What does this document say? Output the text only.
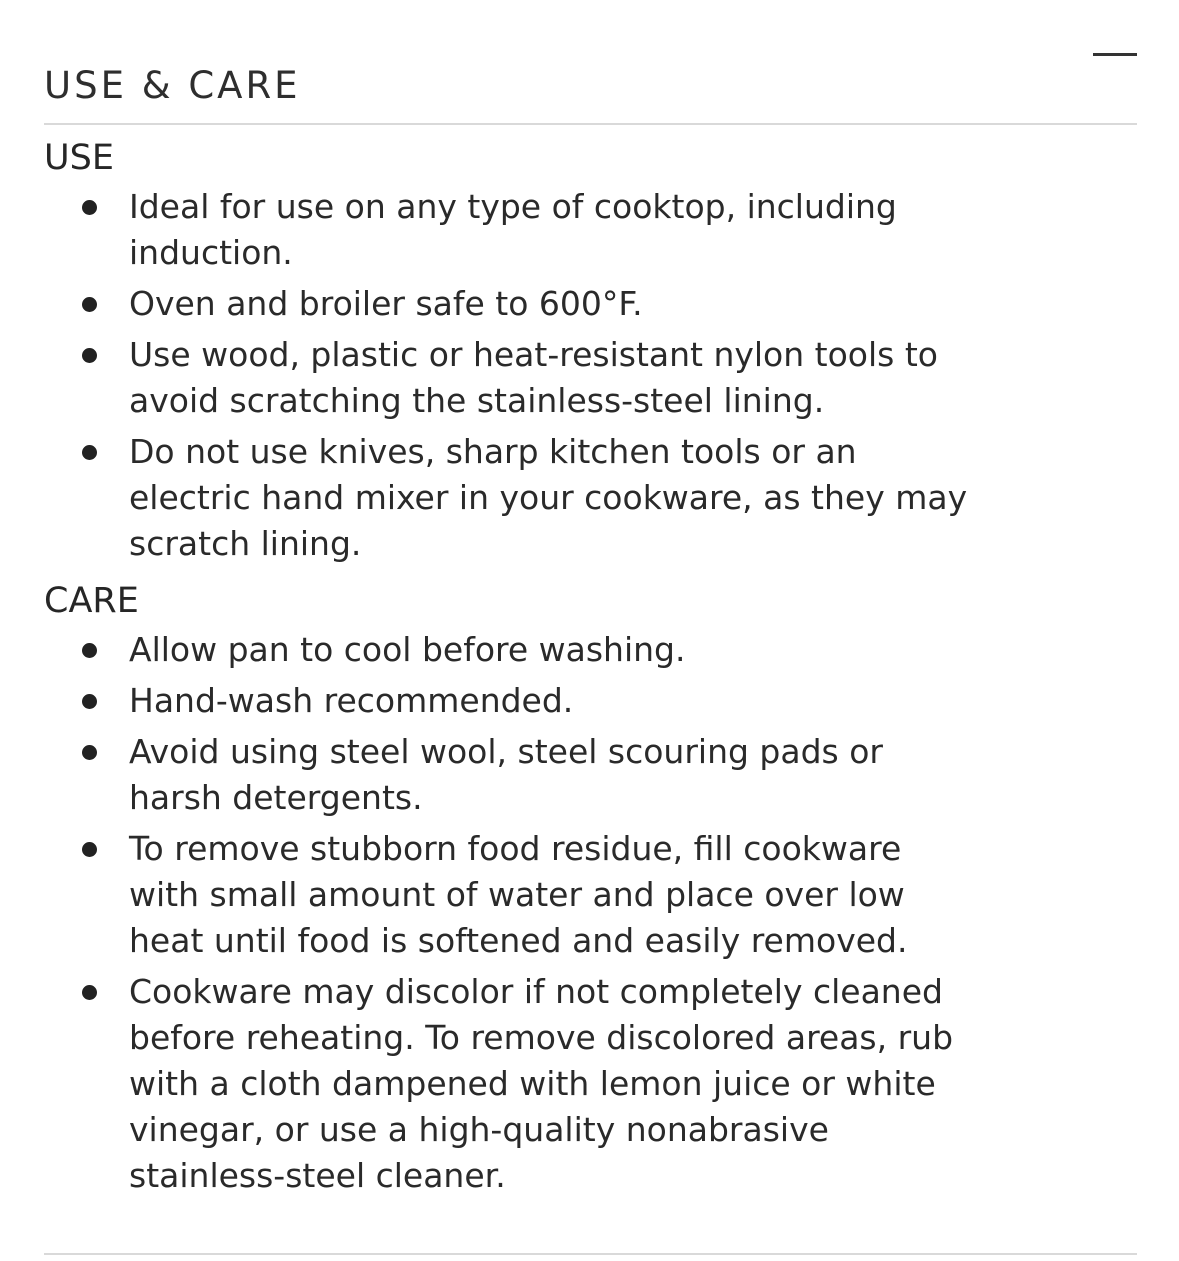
USE & CARE
USE
Ideal for use on any type of cooktop, including
induction.
Oven and broiler safe to 600°F.
Use wood, plastic or heat-resistant nylon tools to
avoid scratching the stainless-steel lining.
Do not use knives, sharp kitchen tools or an
electric hand mixer in your cookware, as they may
scratch lining.
CARE
Allow pan to cool before washing.
Hand-wash recommended.
Avoid using steel wool, steel scouring pads or
harsh detergents.
To remove stubborn food residue, fill cookware
with small amount of water and place over low
heat until food is softened and easily removed.
Cookware may discolor if not completely cleaned
before reheating. To remove discolored areas, rub
with a cloth dampened with lemon juice or white
vinegar, or use a high-quality nonabrasive
stainless-steel cleaner.
